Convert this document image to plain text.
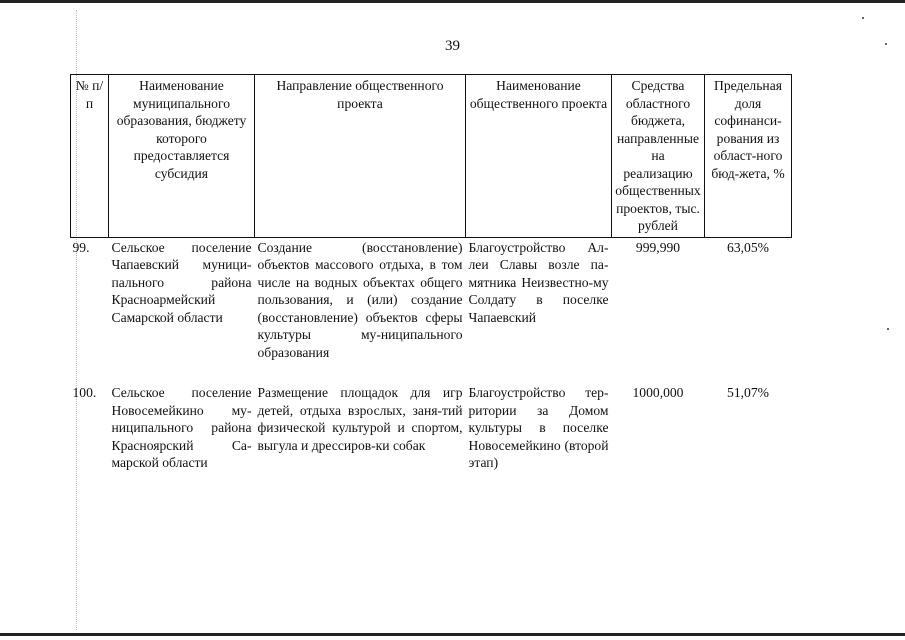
39
№ п/п	Наименование муниципального образования, бюджету которого предоставляется субсидия	Направление общественного проекта	Наименование общественного проекта	Средства областного бюджета, направленные на реализацию общественных проектов, тыс. рублей	Предельная доля софинанси-рования из област-ного бюд-жета, %
99.	Сельское поселение Чапаевский муници-пального района Красноармейский Самарской области	Создание (восстановление) объектов массового отдыха, в том числе на водных объектах общего пользования, и (или) создание (восстановление) объектов сферы культуры му-ниципального образования	Благоустройство Ал-леи Славы возле па-мятника Неизвестно-му Солдату в поселке Чапаевский	999,990	63,05%
100.	Сельское поселение Новосемейкино му-ниципального района Красноярский Са-марской области	Размещение площадок для игр детей, отдыха взрослых, заня-тий физической культурой и спортом, выгула и дрессиров-ки собак	Благоустройство тер-ритории за Домом культуры в поселке Новосемейкино (второй этап)	1000,000	51,07%
